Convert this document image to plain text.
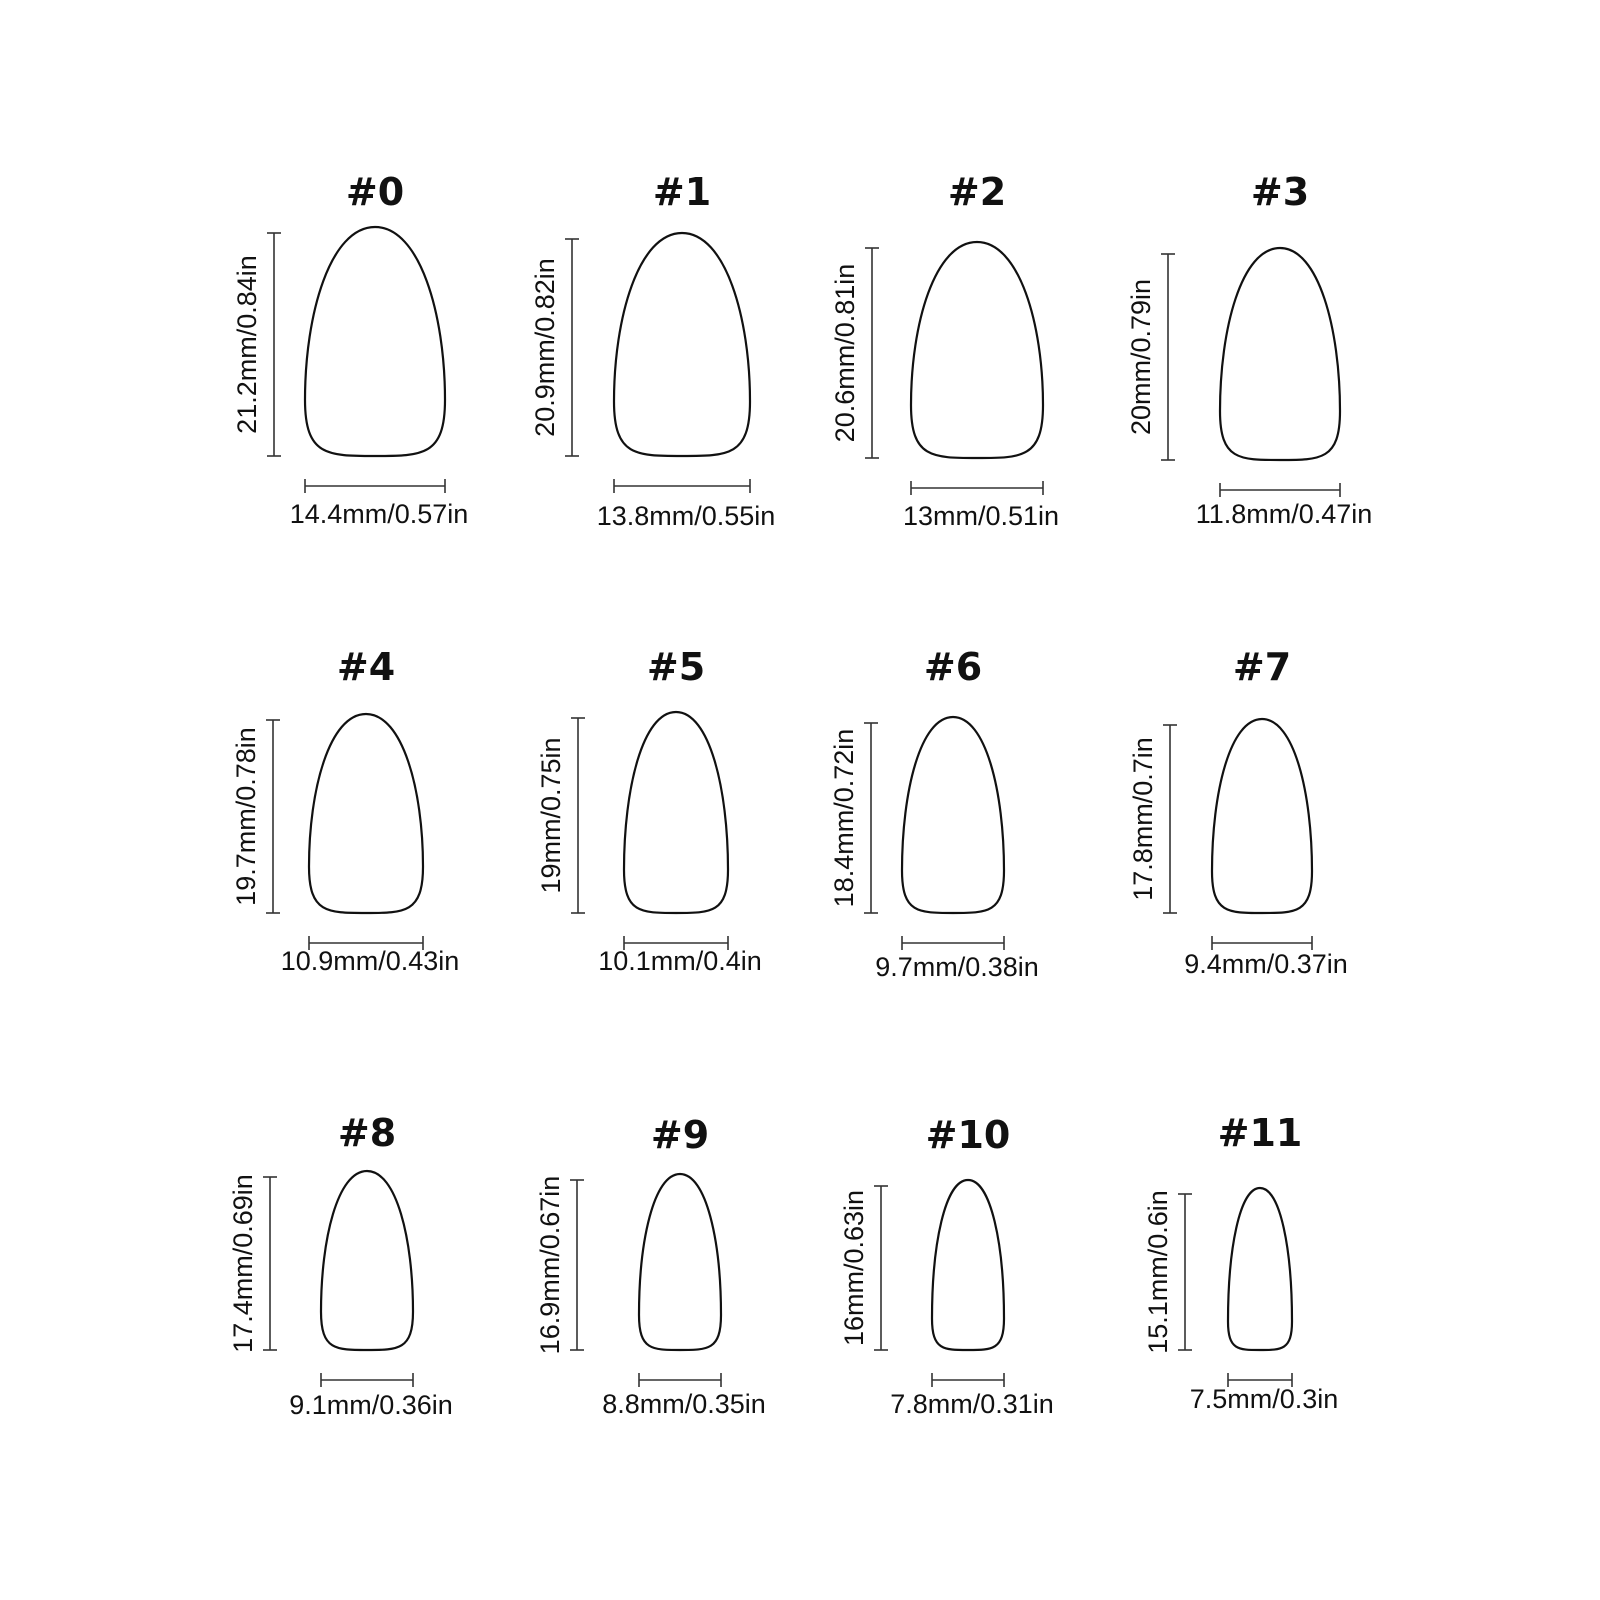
#0
21.2mm/0.84in
14.4mm/0.57in
#1
20.9mm/0.82in
13.8mm/0.55in
#2
20.6mm/0.81in
13mm/0.51in
#3
20mm/0.79in
11.8mm/0.47in
#4
19.7mm/0.78in
10.9mm/0.43in
#5
19mm/0.75in
10.1mm/0.4in
#6
18.4mm/0.72in
9.7mm/0.38in
#7
17.8mm/0.7in
9.4mm/0.37in
#8
17.4mm/0.69in
9.1mm/0.36in
#9
16.9mm/0.67in
8.8mm/0.35in
#10
16mm/0.63in
7.8mm/0.31in
#11
15.1mm/0.6in
7.5mm/0.3in
